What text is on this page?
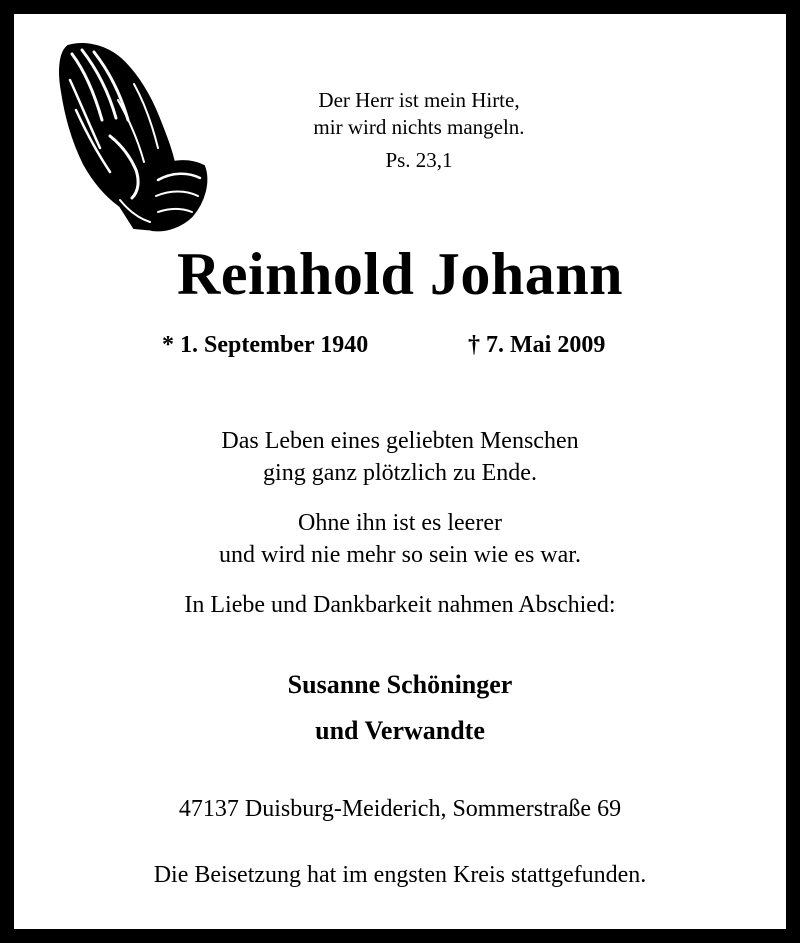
Der Herr ist mein Hirte,
mir wird nichts mangeln.
Ps. 23,1
Reinhold Johann
* 1. September 1940	† 7. Mai 2009
Das Leben eines geliebten Menschen
ging ganz plötzlich zu Ende.
Ohne ihn ist es leerer
und wird nie mehr so sein wie es war.
In Liebe und Dankbarkeit nahmen Abschied:
Susanne Schöninger
und Verwandte
47137 Duisburg-Meiderich, Sommerstraße 69
Die Beisetzung hat im engsten Kreis stattgefunden.
